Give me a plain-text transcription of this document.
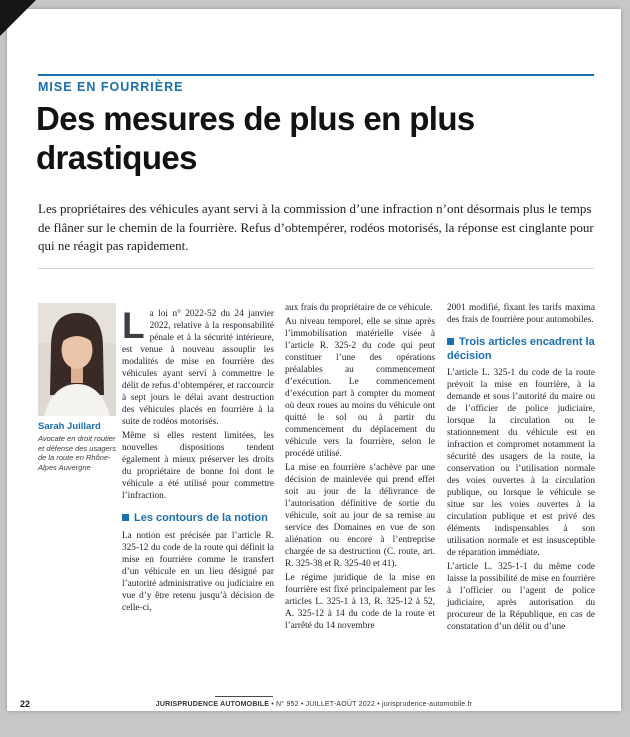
MISE EN FOURRIÈRE
Des mesures de plus en plus drastiques
Les propriétaires des véhicules ayant servi à la commission d’une infraction n’ont désormais plus le temps de flâner sur le chemin de la fourrière. Refus d’obtempérer, rodéos motorisés, la réponse est cinglante pour qui ne réagit pas rapidement.
Sarah Juillard
Avocate en droit routier et défense des usagers de la route en Rhône-Alpes Auvergne

La loi n° 2022-52 du 24 janvier 2022, relative à la responsabilité pénale et à la sécurité intérieure, est venue à nouveau assouplir les modalités de mise en fourrière des véhicules ayant servi à commettre le délit de refus d’obtempérer, et raccourcir à sept jours le délai avant destruction des véhicules placés en fourrière à la suite de rodéos motorisés.

Même si elles restent limitées, les nouvelles dispositions tendent également à mieux préserver les droits du propriétaire de bonne foi dont le véhicule a été utilisé pour commettre l’infraction.

Les contours de la notion

La notion est précisée par l’article R. 325-12 du code de la route qui définit la mise en fourrière comme le transfert d’un véhicule en un lieu désigné par l’autorité administrative ou judiciaire en vue d’y être retenu jusqu’à décision de celle-ci,

aux frais du propriétaire de ce véhicule.

Au niveau temporel, elle se situe après l’immobilisation matérielle visée à l’article R. 325-2 du code qui peut constituer l’une des opérations préalables au commencement d’exécution. Le commencement d’exécution part à compter du moment où deux roues au moins du véhicule ont quitté le sol ou à partir du commencement du déplacement du véhicule vers la fourrière, selon le procédé utilisé.

La mise en fourrière s’achève par une décision de mainlevée qui prend effet soit au jour de la délivrance de l’autorisation définitive de sortie du véhicule, soit au jour de sa remise au service des Domaines en vue de son aliénation ou encore à l’entreprise chargée de sa destruction (C. route, art. R. 325-38 et R. 325-40 et 41).

Le régime juridique de la mise en fourrière est fixé principalement par les articles L. 325-1 à 13, R. 325-12 à 52, A. 325-12 à 14 du code de la route et l’arrêté du 14 novembre

2001 modifié, fixant les tarifs maxima des frais de fourrière pour automobiles.

Trois articles encadrent la décision

L’article L. 325-1 du code de la route prévoit la mise en fourrière, à la demande et sous l’autorité du maire ou de l’officier de police judiciaire, lorsque la circulation ou le stationnement du véhicule est en infraction et compromet notamment la sécurité des usagers de la route, la conservation ou l’utilisation normale des voies ouvertes à la circulation publique, ou lorsque le véhicule se situe sur les voies ouvertes à la circulation publique et est privé des éléments indispensables à son utilisation normale et est insusceptible de réparation immédiate.

L’article L. 325-1-1 du même code laisse la possibilité de mise en fourrière à l’officier ou l’agent de police judiciaire, après autorisation du procureur de la République, en cas de constatation d’un délit ou d’une

22	JURISPRUDENCE AUTOMOBILE • N° 952 • JUILLET-AOÛT 2022 • jurisprudence-automobile.fr
